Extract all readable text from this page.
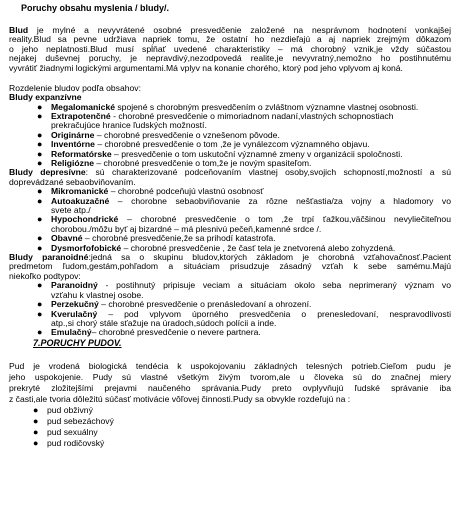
Poruchy obsahu myslenia / bludy/.
Blud je mylné a nevyvrátené osobné presvedčenie založené na nesprávnom hodnotení vonkajšej
reality.Blud sa pevne udržiava napriek tomu, že ostatní ho nezdieľajú a aj napriek zrejmým dôkazom
o jeho neplatnosti.Blud musí spĺňať uvedené charakteristiky – má chorobný vznik,je vždy súčastou
nejakej duševnej poruchy, je nepravdivý,nezodpovedá realite,je nevyvratný,nemožno ho postihnutému
vyvrátiť žiadnymi logickými argumentami.Má vplyv na konanie chorého, ktorý pod jeho vplyvom aj koná.
Rozdelenie bludov podľa obsahov:
Bludy expanzívne
● Megalomanické spojené s chorobným presvedčením o zvláštnom významne vlastnej osobnosti.
● Extrapotenčné - chorobné presvedčenie o mimoriadnom nadaní,vlastných schopnostiach
prekračujúce hranice ľudských možností.
● Originárne – chorobné presvedčenie o vznešenom pôvode.
● Inventórne – chorobné presvedčenie o tom ,že je vynálezcom významného objavu.
● Reformatórske – presvedčenie o tom uskutoční významné zmeny v organizácii spoločnosti.
● Religiózne – chorobné presvedčenie o tom,že je novým spasiteľom.
Bludy depresívne: sú charakterizované podceňovaním vlastnej osoby,svojich schopností,možností a sú
doprevádzané sebaobviňovaním.
● Mikromanické – chorobné podceňujú vlastnú osobnosť
● Autoakuzačné – chorobne sebaobviňovanie za rôzne nešťastia/za vojny a hladomory vo
svete atp./
● Hypochondrické – chorobné presvedčenie o tom ,že trpí ťažkou,väčšinou nevyliečiteľnou
chorobou./môžu byť aj bizardné – má plesnivú pečeň,kamenné srdce /.
● Obavné – chorobné presvedčenie,že sa prihodí katastrofa.
● Dysmorfofobické – chorobné presvedčenie , že časť tela je znetvorená alebo zohyzdená.
Bludy paranoidné:jedná sa o skupinu bludov,ktorých základom je chorobná vzťahovačnosť.Pacient
predmetom ľudom,gestám,pohľadom a situáciam prisudzuje zásadný vzťah k sebe samému.Majú
niekoľko podtypov:
● Paranoidný - postihnutý pripisuje veciam a situáciam okolo seba neprimeraný význam vo
vzťahu k vlastnej osobe.
● Perzekučný – chorobné presvedčenie o prenásledovaní a ohrození.
● Kverulačný – pod vplyvom úporného presvedčenia o prenesledovaní, nespravodlivosti
atp.,si chorý stále sťažuje na úradoch,súdoch polícii a inde.
● Emulačný– chorobné presvedčenie o nevere partnera.
7.PORUCHY PUDOV.
Pud je vrodená biologická tendécia k uspokojovaniu základných telesných potrieb.Cieľom pudu je
jeho uspokojenie. Pudy sú vlastné všetkým živým tvorom,ale u človeka sú do značnej miery
prekryté zložitejšími prejavmi naučeného správania.Pudy preto ovplyvňujú ľudské správanie iba
z časti,ale tvoria dôležitú súčasť motivácie vôľovej činnosti.Pudy sa obvykle rozdeľujú na :
● pud obživný
● pud sebezáchový
● pud sexuálny
● pud rodičovský
